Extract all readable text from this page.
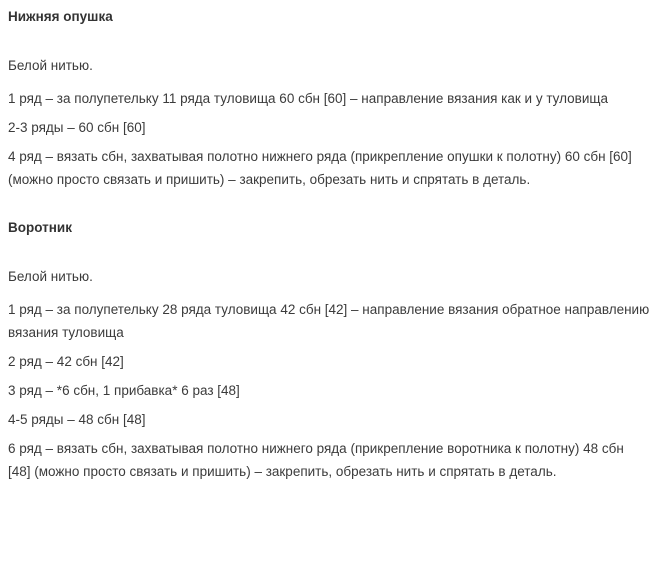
Нижняя опушка

Белой нитью.

1 ряд – за полупетельку 11 ряда туловища 60 сбн [60] – направление вязания как и у туловища

2-3 ряды – 60 сбн [60]

4 ряд – вязать сбн, захватывая полотно нижнего ряда (прикрепление опушки к полотну) 60 сбн [60] (можно просто связать и пришить) – закрепить, обрезать нить и спрятать в деталь.

Воротник

Белой нитью.

1 ряд – за полупетельку 28 ряда туловища 42 сбн [42] – направление вязания обратное направлению вязания туловища

2 ряд – 42 сбн [42]

3 ряд – *6 сбн, 1 прибавка* 6 раз [48]

4-5 ряды – 48 сбн [48]

6 ряд – вязать сбн, захватывая полотно нижнего ряда (прикрепление воротника к полотну) 48 сбн [48] (можно просто связать и пришить) – закрепить, обрезать нить и спрятать в деталь.
